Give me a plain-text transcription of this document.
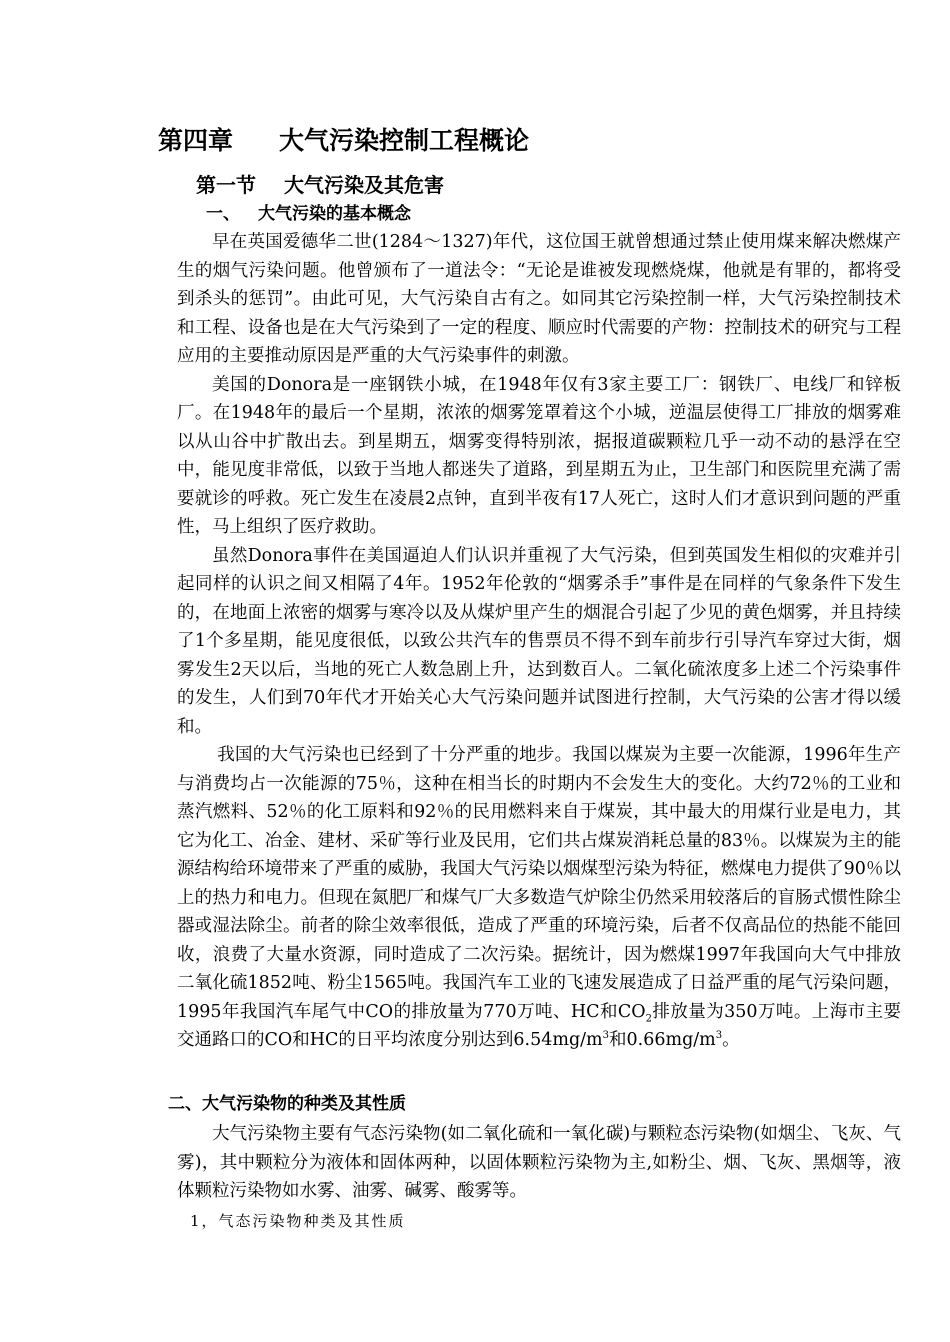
第四章 大气污染控制工程概论
第一节 大气污染及其危害
一、 大气污染的基本概念

早在英国爱德华二世(1284～1327)年代，这位国王就曾想通过禁止使用煤来解决燃煤产生的烟气污染问题。他曾颁布了一道法令：“无论是谁被发现燃烧煤，他就是有罪的，都将受到杀头的惩罚”。由此可见，大气污染自古有之。如同其它污染控制一样，大气污染控制技术和工程、设备也是在大气污染到了一定的程度、顺应时代需要的产物：控制技术的研究与工程应用的主要推动原因是严重的大气污染事件的刺激。

美国的Donora是一座钢铁小城，在1948年仅有3家主要工厂：钢铁厂、电线厂和锌板厂。在1948年的最后一个星期，浓浓的烟雾笼罩着这个小城，逆温层使得工厂排放的烟雾难以从山谷中扩散出去。到星期五，烟雾变得特别浓，据报道碳颗粒几乎一动不动的悬浮在空中，能见度非常低，以致于当地人都迷失了道路，到星期五为止，卫生部门和医院里充满了需要就诊的呼救。死亡发生在凌晨2点钟，直到半夜有17人死亡，这时人们才意识到问题的严重性，马上组织了医疗救助。

虽然Donora事件在美国逼迫人们认识并重视了大气污染，但到英国发生相似的灾难并引起同样的认识之间又相隔了4年。1952年伦敦的“烟雾杀手”事件是在同样的气象条件下发生的，在地面上浓密的烟雾与寒冷以及从煤炉里产生的烟混合引起了少见的黄色烟雾，并且持续了1个多星期，能见度很低，以致公共汽车的售票员不得不到车前步行引导汽车穿过大街，烟雾发生2天以后，当地的死亡人数急剧上升，达到数百人。二氧化硫浓度多上述二个污染事件的发生，人们到70年代才开始关心大气污染问题并试图进行控制，大气污染的公害才得以缓和。

我国的大气污染也已经到了十分严重的地步。我国以煤炭为主要一次能源，1996年生产与消费均占一次能源的75％，这种在相当长的时期内不会发生大的变化。大约72％的工业和蒸汽燃料、52％的化工原料和92％的民用燃料来自于煤炭，其中最大的用煤行业是电力，其它为化工、冶金、建材、采矿等行业及民用，它们共占煤炭消耗总量的83％。以煤炭为主的能源结构给环境带来了严重的威胁，我国大气污染以烟煤型污染为特征，燃煤电力提供了90％以上的热力和电力。但现在氮肥厂和煤气厂大多数造气炉除尘仍然采用较落后的盲肠式惯性除尘器或湿法除尘。前者的除尘效率很低，造成了严重的环境污染，后者不仅高品位的热能不能回收，浪费了大量水资源，同时造成了二次污染。据统计，因为燃煤1997年我国向大气中排放二氧化硫1852吨、粉尘1565吨。我国汽车工业的飞速发展造成了日益严重的尾气污染问题，1995年我国汽车尾气中CO的排放量为770万吨、HC和$CO_2$排放量为350万吨。上海市主要交通路口的CO和HC的日平均浓度分别达到$6.54mg/m^3$和$0.66mg/m^3$。

二、大气污染物的种类及其性质

大气污染物主要有气态污染物(如二氧化硫和一氧化碳)与颗粒态污染物(如烟尘、飞灰、气雾)，其中颗粒分为液体和固体两种，以固体颗粒污染物为主,如粉尘、烟、飞灰、黑烟等，液体颗粒污染物如水雾、油雾、碱雾、酸雾等。

1，气态污染物种类及其性质
